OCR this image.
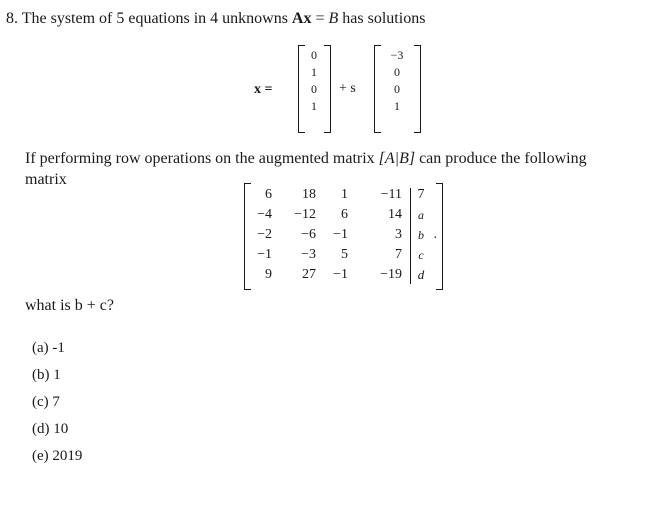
8. The system of 5 equations in 4 unknowns Ax = B has solutions
x =
0
1
0
1
+ s
−3
0
0
1
If performing row operations on the augmented matrix [A|B] can produce the following
matrix
6	18	1	−11 7
−4	−12	6	14	a
−2	−6	−1	3	b .
−1	−3	5	7	c
9	27	−1	−19 d
what is b + c?
(a) -1
(b) 1
(c) 7
(d) 10
(e) 2019
